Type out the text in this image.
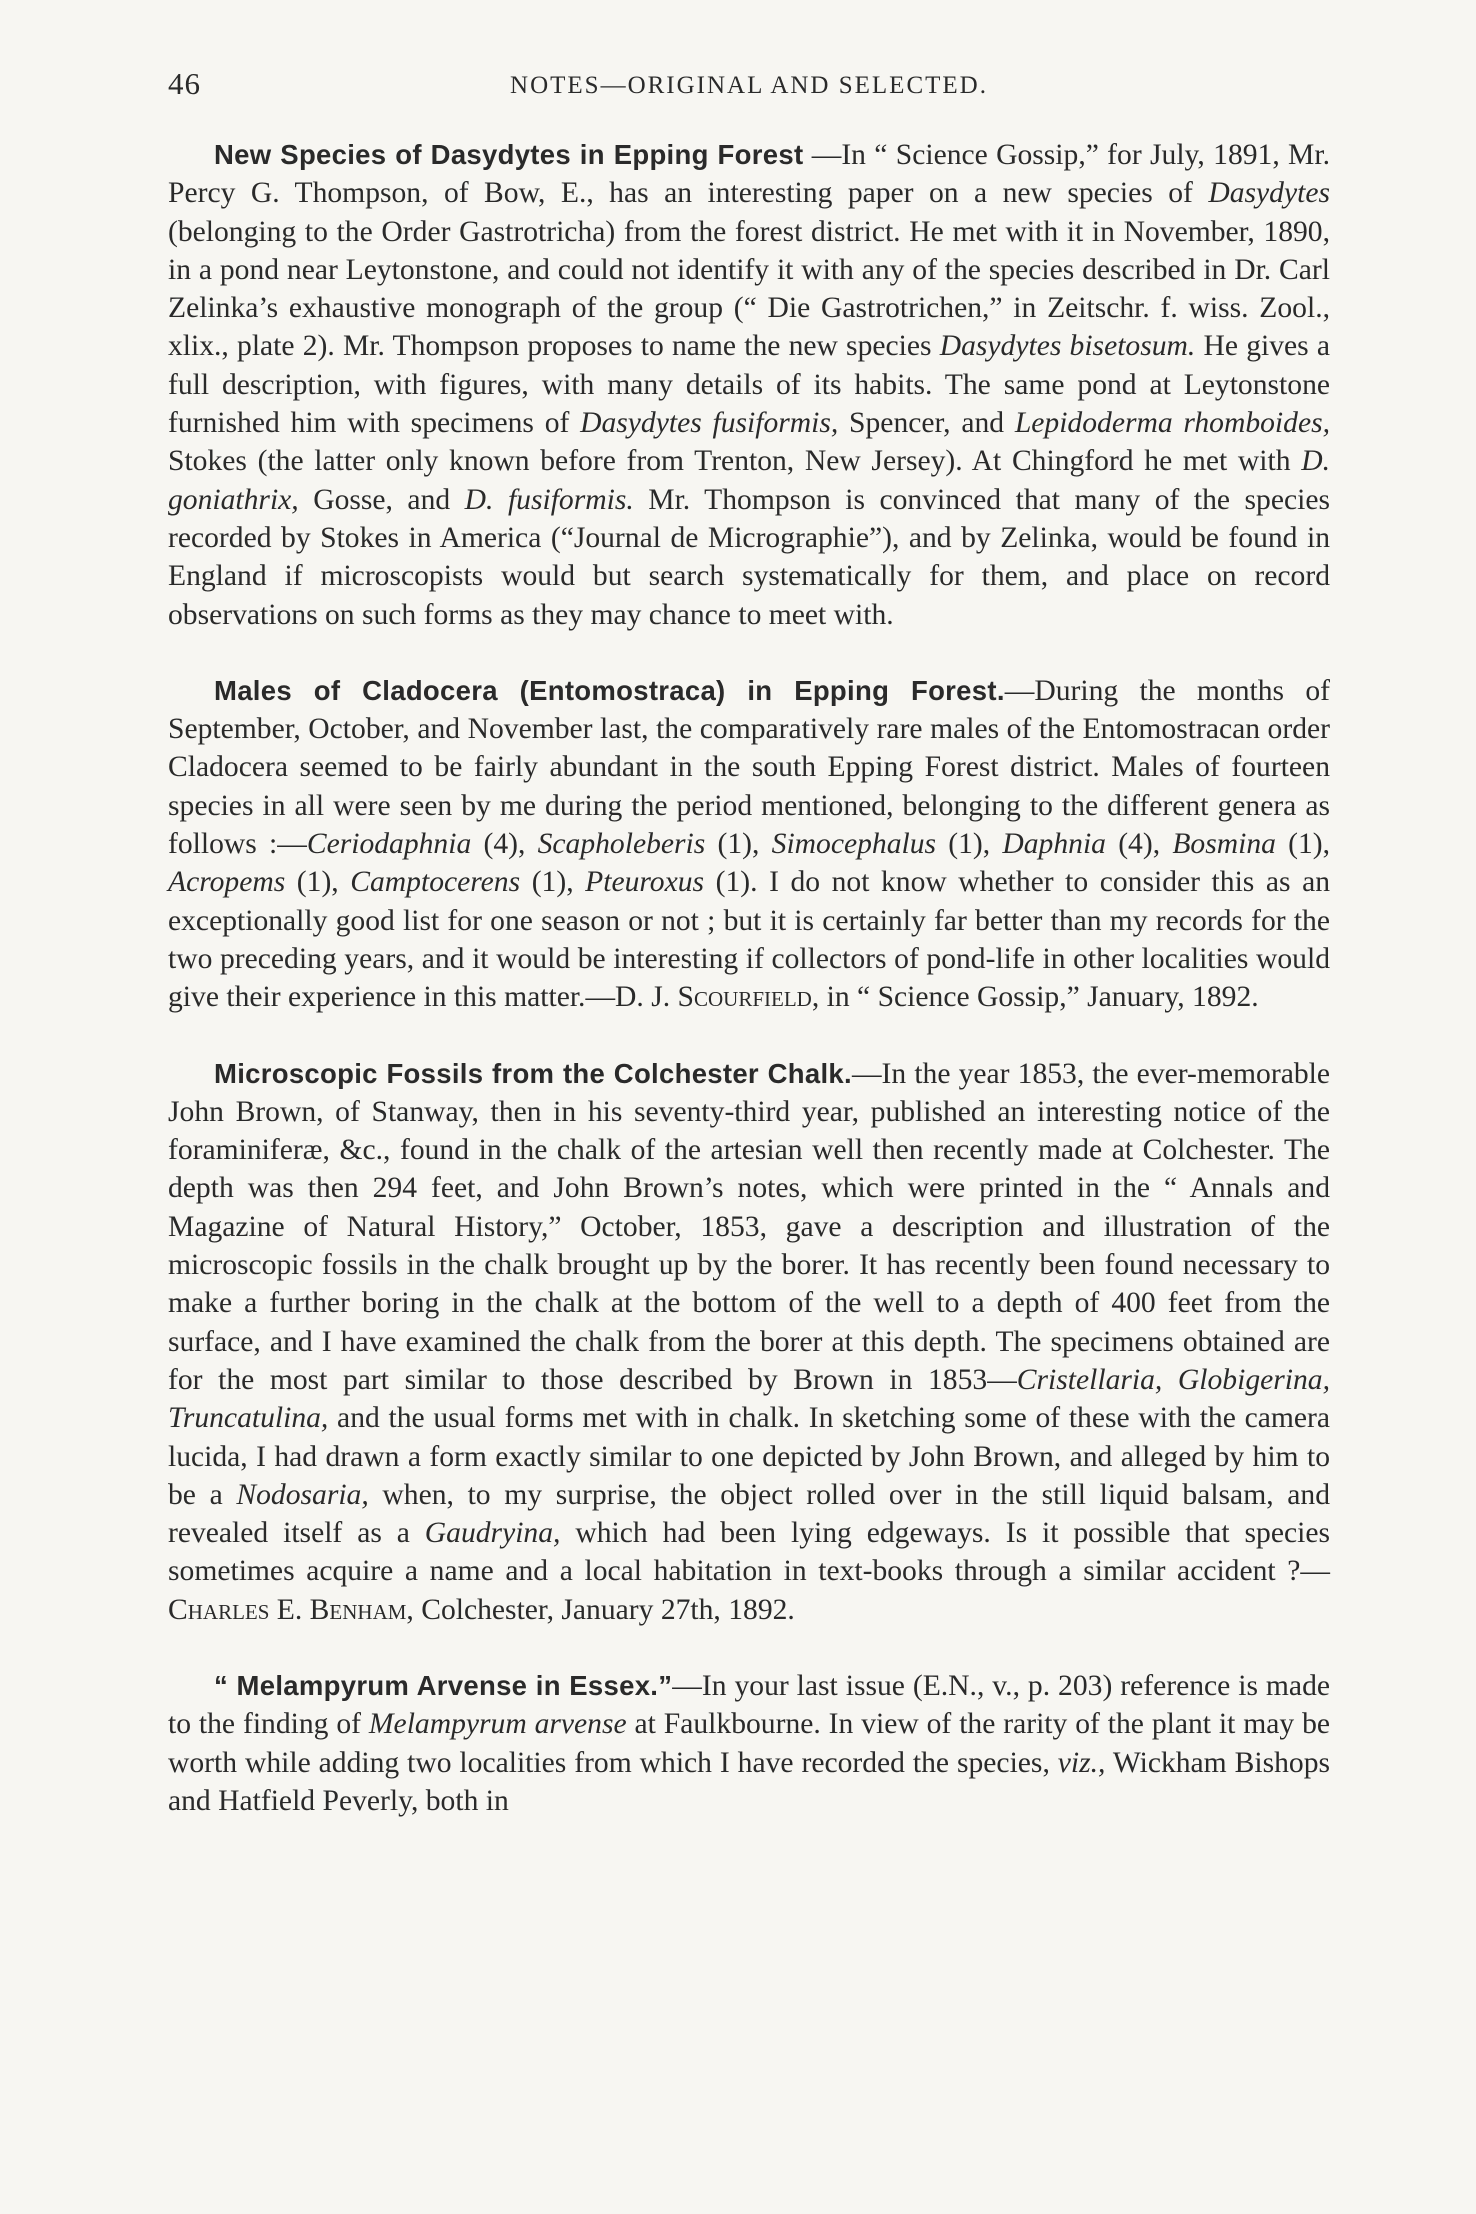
46	NOTES—ORIGINAL AND SELECTED.

New Species of Dasydytes in Epping Forest —In “ Science Gossip,” for July, 1891, Mr. Percy G. Thompson, of Bow, E., has an interesting paper on a new species of Dasydytes (belonging to the Order Gastrotricha) from the forest district. He met with it in November, 1890, in a pond near Leytonstone, and could not identify it with any of the species described in Dr. Carl Zelinka’s exhaustive monograph of the group (“ Die Gastrotrichen,” in Zeitschr. f. wiss. Zool., xlix., plate 2). Mr. Thompson proposes to name the new species Dasydytes bisetosum. He gives a full description, with figures, with many details of its habits. The same pond at Leytonstone furnished him with specimens of Dasydytes fusiformis, Spencer, and Lepidoderma rhomboides, Stokes (the latter only known before from Trenton, New Jersey). At Chingford he met with D. goniathrix, Gosse, and D. fusiformis. Mr. Thompson is convinced that many of the species recorded by Stokes in America (“Journal de Micrographie”), and by Zelinka, would be found in England if microscopists would but search systematically for them, and place on record observations on such forms as they may chance to meet with.

Males of Cladocera (Entomostraca) in Epping Forest.—During the months of September, October, and November last, the comparatively rare males of the Entomostracan order Cladocera seemed to be fairly abundant in the south Epping Forest district. Males of fourteen species in all were seen by me during the period mentioned, belonging to the different genera as follows :—Ceriodaphnia (4), Scapholeberis (1), Simocephalus (1), Daphnia (4), Bosmina (1), Acropems (1), Camptocerens (1), Pteuroxus (1). I do not know whether to consider this as an exceptionally good list for one season or not ; but it is certainly far better than my records for the two preceding years, and it would be interesting if collectors of pond-life in other localities would give their experience in this matter.—D. J. Scourfield, in “ Science Gossip,” January, 1892.

Microscopic Fossils from the Colchester Chalk.—In the year 1853, the ever-memorable John Brown, of Stanway, then in his seventy-third year, published an interesting notice of the foraminiferæ, &c., found in the chalk of the artesian well then recently made at Colchester. The depth was then 294 feet, and John Brown’s notes, which were printed in the “ Annals and Magazine of Natural History,” October, 1853, gave a description and illustration of the microscopic fossils in the chalk brought up by the borer. It has recently been found necessary to make a further boring in the chalk at the bottom of the well to a depth of 400 feet from the surface, and I have examined the chalk from the borer at this depth. The specimens obtained are for the most part similar to those described by Brown in 1853—Cristellaria, Globigerina, Truncatulina, and the usual forms met with in chalk. In sketching some of these with the camera lucida, I had drawn a form exactly similar to one depicted by John Brown, and alleged by him to be a Nodosaria, when, to my surprise, the object rolled over in the still liquid balsam, and revealed itself as a Gaudryina, which had been lying edgeways. Is it possible that species sometimes acquire a name and a local habitation in text-books through a similar accident ?—Charles E. Benham, Colchester, January 27th, 1892.

“ Melampyrum Arvense in Essex.”—In your last issue (E.N., v., p. 203) reference is made to the finding of Melampyrum arvense at Faulkbourne. In view of the rarity of the plant it may be worth while adding two localities from which I have recorded the species, viz., Wickham Bishops and Hatfield Peverly, both in
